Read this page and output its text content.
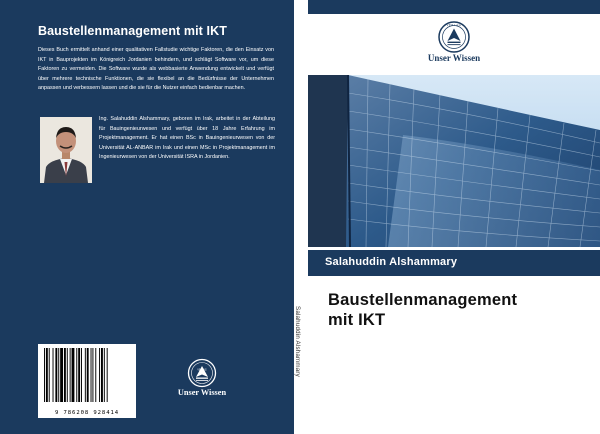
Baustellenmanagement mit IKT
Dieses Buch ermittelt anhand einer qualitativen Fallstudie wichtige Faktoren, die den Einsatz von IKT in Bauprojekten im Königreich Jordanien behindern, und schlägt Software vor, um diese Faktoren zu vermeiden. Die Software wurde als webbasierte Anwendung entwickelt und verfügt über mehrere technische Funktionen, die sie flexibel an die Bedürfnisse der Unternehmen anpassen und verbessern lassen und die sie für die Nutzer einfach bedienbar machen.
Ing. Salahuddin Alshammary, geboren im Irak, arbeitet in der Abteilung für Bauingenieurwesen und verfügt über 18 Jahre Erfahrung im Projektmanagement. Er hat einen BSc in Bauingenieurwesen von der Universität AL-ANBAR im Irak und einen MSc in Projektmanagement im Ingenieurwesen von der Universität ISRA in Jordanien.
9 786208 928414
VERLAG
Unser Wissen
Salahuddin Alshammary
VERLAG
Unser Wissen
Salahuddin Alshammary
Baustellenmanagement
mit IKT
